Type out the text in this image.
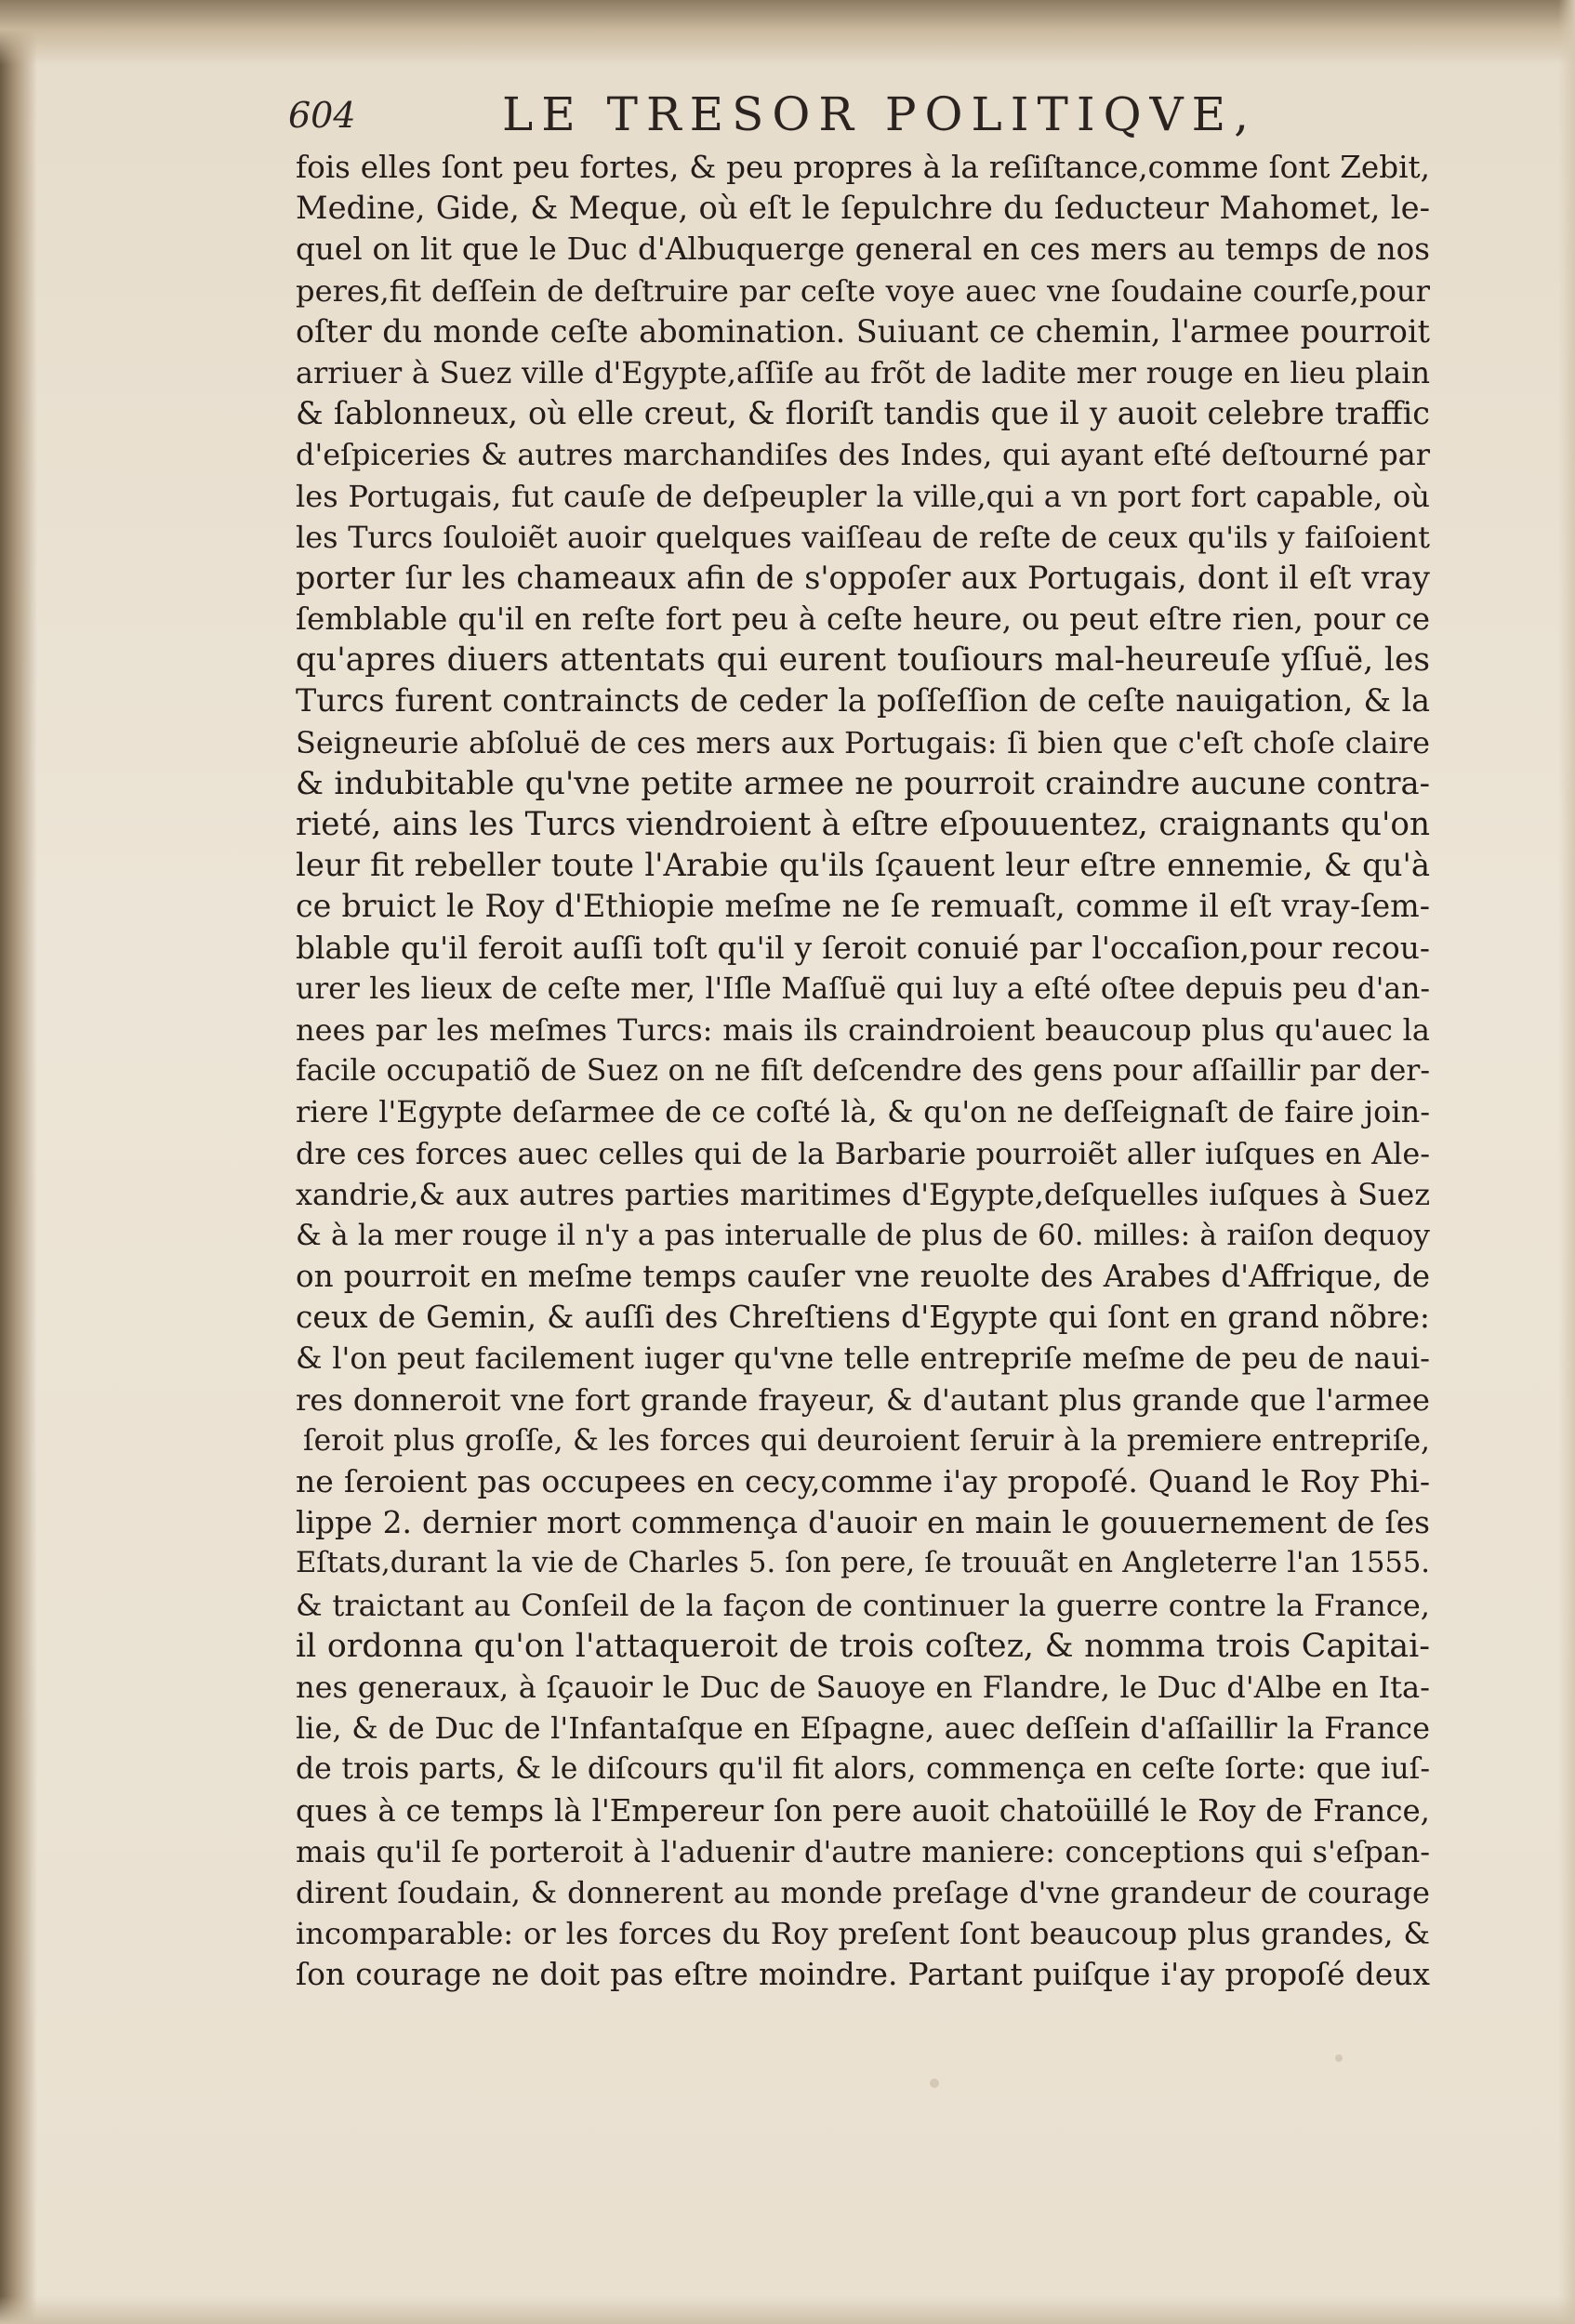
604	LE TRESOR POLITIQVE,
fois elles ſont peu fortes, & peu propres à la reſiſtance,comme ſont Zebit,
Medine, Gide, & Meque, où eſt le ſepulchre du ſeducteur Mahomet, le-
quel on lit que le Duc d'Albuquerge general en ces mers au temps de nos
peres,fit deſſein de deſtruire par ceſte voye auec vne ſoudaine courſe,pour
oſter du monde ceſte abomination. Suiuant ce chemin, l'armee pourroit
arriuer à Suez ville d'Egypte,aſſiſe au frõt de ladite mer rouge en lieu plain
& ſablonneux, où elle creut, & floriſt tandis que il y auoit celebre traffic
d'eſpiceries & autres marchandiſes des Indes, qui ayant eſté deſtourné par
les Portugais, fut cauſe de deſpeupler la ville,qui a vn port fort capable, où
les Turcs ſouloiẽt auoir quelques vaiſſeau de reſte de ceux qu'ils y faiſoient
porter ſur les chameaux afin de s'oppoſer aux Portugais, dont il eſt vray
ſemblable qu'il en reſte fort peu à ceſte heure, ou peut eſtre rien, pour ce
qu'apres diuers attentats qui eurent touſiours mal-heureuſe yſſuë, les
Turcs furent contraincts de ceder la poſſeſſion de ceſte nauigation, & la
Seigneurie abſoluë de ces mers aux Portugais: ſi bien que c'eſt choſe claire
& indubitable qu'vne petite armee ne pourroit craindre aucune contra-
rieté, ains les Turcs viendroient à eſtre eſpouuentez, craignants qu'on
leur fit rebeller toute l'Arabie qu'ils ſçauent leur eſtre ennemie, & qu'à
ce bruict le Roy d'Ethiopie meſme ne ſe remuaſt, comme il eſt vray-ſem-
blable qu'il feroit auſſi toſt qu'il y ſeroit conuié par l'occaſion,pour recou-
urer les lieux de ceſte mer, l'Iſle Maſſuë qui luy a eſté oſtee depuis peu d'an-
nees par les meſmes Turcs: mais ils craindroient beaucoup plus qu'auec la
facile occupatiõ de Suez on ne fiſt deſcendre des gens pour aſſaillir par der-
riere l'Egypte deſarmee de ce coſté là, & qu'on ne deſſeignaſt de faire join-
dre ces forces auec celles qui de la Barbarie pourroiẽt aller iuſques en Ale-
xandrie,& aux autres parties maritimes d'Egypte,deſquelles iuſques à Suez
& à la mer rouge il n'y a pas interualle de plus de 60. milles: à raiſon dequoy
on pourroit en meſme temps cauſer vne reuolte des Arabes d'Affrique, de
ceux de Gemin, & auſſi des Chreſtiens d'Egypte qui ſont en grand nõbre:
& l'on peut facilement iuger qu'vne telle entrepriſe meſme de peu de naui-
res donneroit vne fort grande frayeur, & d'autant plus grande que l'armee
ſeroit plus groſſe, & les forces qui deuroient ſeruir à la premiere entrepriſe,
ne ſeroient pas occupees en cecy,comme i'ay propoſé. Quand le Roy Phi-
lippe 2. dernier mort commença d'auoir en main le gouuernement de ſes
Eſtats,durant la vie de Charles 5. ſon pere, ſe trouuãt en Angleterre l'an 1555.
& traictant au Conſeil de la façon de continuer la guerre contre la France,
il ordonna qu'on l'attaqueroit de trois coſtez, & nomma trois Capitai-
nes generaux, à ſçauoir le Duc de Sauoye en Flandre, le Duc d'Albe en Ita-
lie, & de Duc de l'Infantaſque en Eſpagne, auec deſſein d'aſſaillir la France
de trois parts, & le diſcours qu'il fit alors, commença en ceſte ſorte: que iuſ-
ques à ce temps là l'Empereur ſon pere auoit chatoüillé le Roy de France,
mais qu'il ſe porteroit à l'aduenir d'autre maniere: conceptions qui s'eſpan-
dirent ſoudain, & donnerent au monde preſage d'vne grandeur de courage
incomparable: or les forces du Roy preſent ſont beaucoup plus grandes, &
ſon courage ne doit pas eſtre moindre. Partant puiſque i'ay propoſé deux
